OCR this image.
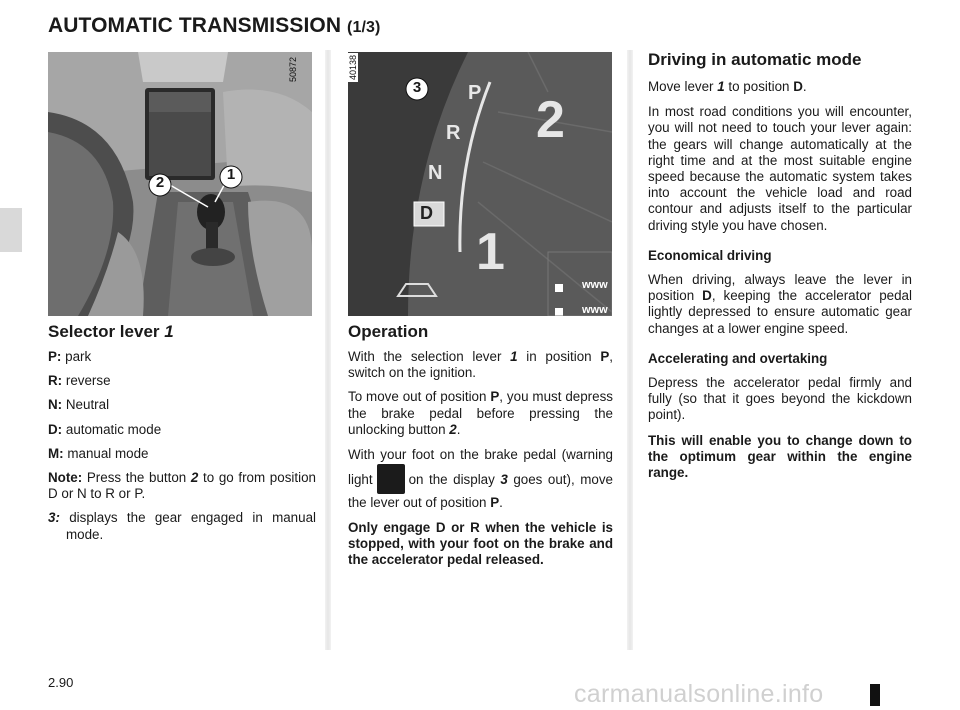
AUTOMATIC TRANSMISSION (1/3)
2	1
50872
3 P
R
N
D
2
1
www
www
40138
Selector lever 1

P: park

R: reverse

N: Neutral

D: automatic mode

M: manual mode

Note: Press the button 2 to go from position D or N to R or P.

3: displays the gear engaged in manual mode.

Operation

With the selection lever 1 in position P, switch on the ignition.

To move out of position P, you must depress the brake pedal before pressing the unlocking button 2.

With your foot on the brake pedal (warning light	on the display 3 goes out), move the lever out of position P.

Only engage D or R when the vehicle is stopped, with your foot on the brake and the accelerator pedal released.

Driving in automatic mode

Move lever 1 to position D.

In most road conditions you will encounter, you will not need to touch your lever again: the gears will change automatically at the right time and at the most suitable engine speed because the automatic system takes into account the vehicle load and road contour and adjusts itself to the particular driving style you have chosen.

Economical driving

When driving, always leave the lever in position D, keeping the accelerator pedal lightly depressed to ensure automatic gear changes at a lower engine speed.

Accelerating and overtaking

Depress the accelerator pedal firmly and fully (so that it goes beyond the kickdown point).

This will enable you to change down to the optimum gear within the engine range.

2.90	carmanualsonline.info
